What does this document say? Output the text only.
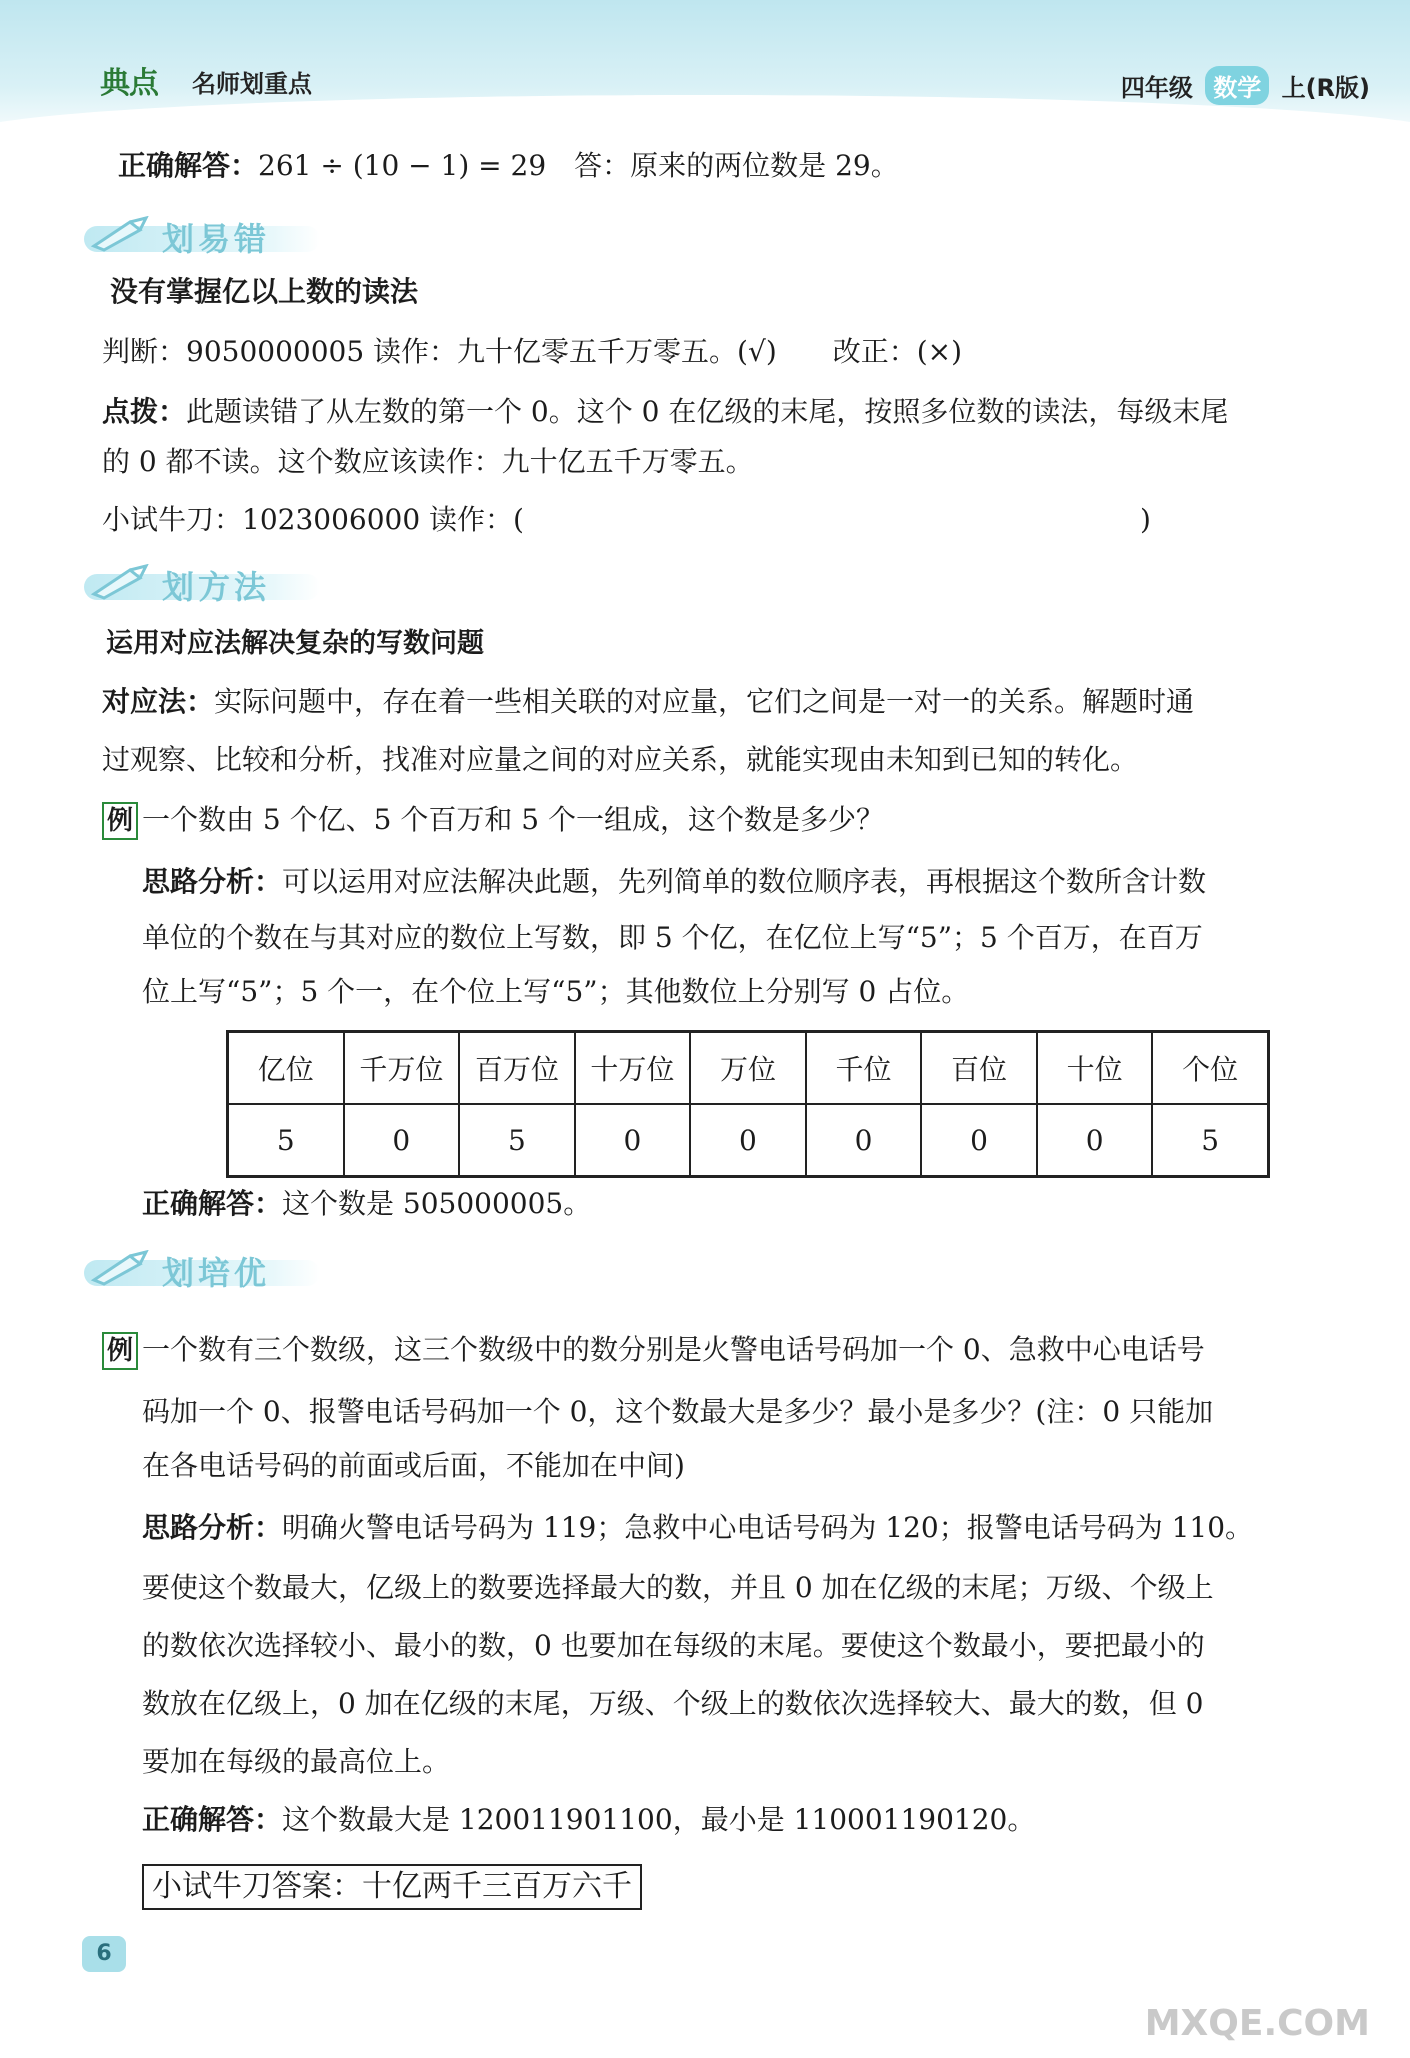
典点 名师划重点	四年级 数学 上(R版)
正确解答：261 ÷ (10 − 1) = 29　答：原来的两位数是 29。
划易错
没有掌握亿以上数的读法
判断：9050000005 读作：九十亿零五千万零五。(√)　　改正：(×)
点拨：此题读错了从左数的第一个 0。这个 0 在亿级的末尾，按照多位数的读法，每级末尾
的 0 都不读。这个数应该读作：九十亿五千万零五。
小试牛刀：1023006000 读作：(　　　　　　　　　　　　　　　　　　　　　　)
划方法
运用对应法解决复杂的写数问题
对应法：实际问题中，存在着一些相关联的对应量，它们之间是一对一的关系。解题时通
过观察、比较和分析，找准对应量之间的对应关系，就能实现由未知到已知的转化。
例 一个数由 5 个亿、5 个百万和 5 个一组成，这个数是多少？
思路分析：可以运用对应法解决此题，先列简单的数位顺序表，再根据这个数所含计数
单位的个数在与其对应的数位上写数，即 5 个亿，在亿位上写“5”；5 个百万，在百万
位上写“5”；5 个一，在个位上写“5”；其他数位上分别写 0 占位。
亿位	千万位	百万位	十万位	万位	千位	百位	十位	个位
5	0	5	0	0	0	0	0	5
正确解答：这个数是 505000005。
划培优
例 一个数有三个数级，这三个数级中的数分别是火警电话号码加一个 0、急救中心电话号
码加一个 0、报警电话号码加一个 0，这个数最大是多少？最小是多少？(注：0 只能加
在各电话号码的前面或后面，不能加在中间)
思路分析：明确火警电话号码为 119；急救中心电话号码为 120；报警电话号码为 110。
要使这个数最大，亿级上的数要选择最大的数，并且 0 加在亿级的末尾；万级、个级上
的数依次选择较小、最小的数，0 也要加在每级的末尾。要使这个数最小，要把最小的
数放在亿级上，0 加在亿级的末尾，万级、个级上的数依次选择较大、最大的数，但 0
要加在每级的最高位上。
正确解答：这个数最大是 120011901100，最小是 110001190120。
小试牛刀答案：十亿两千三百万六千
6
MXQE.COM
